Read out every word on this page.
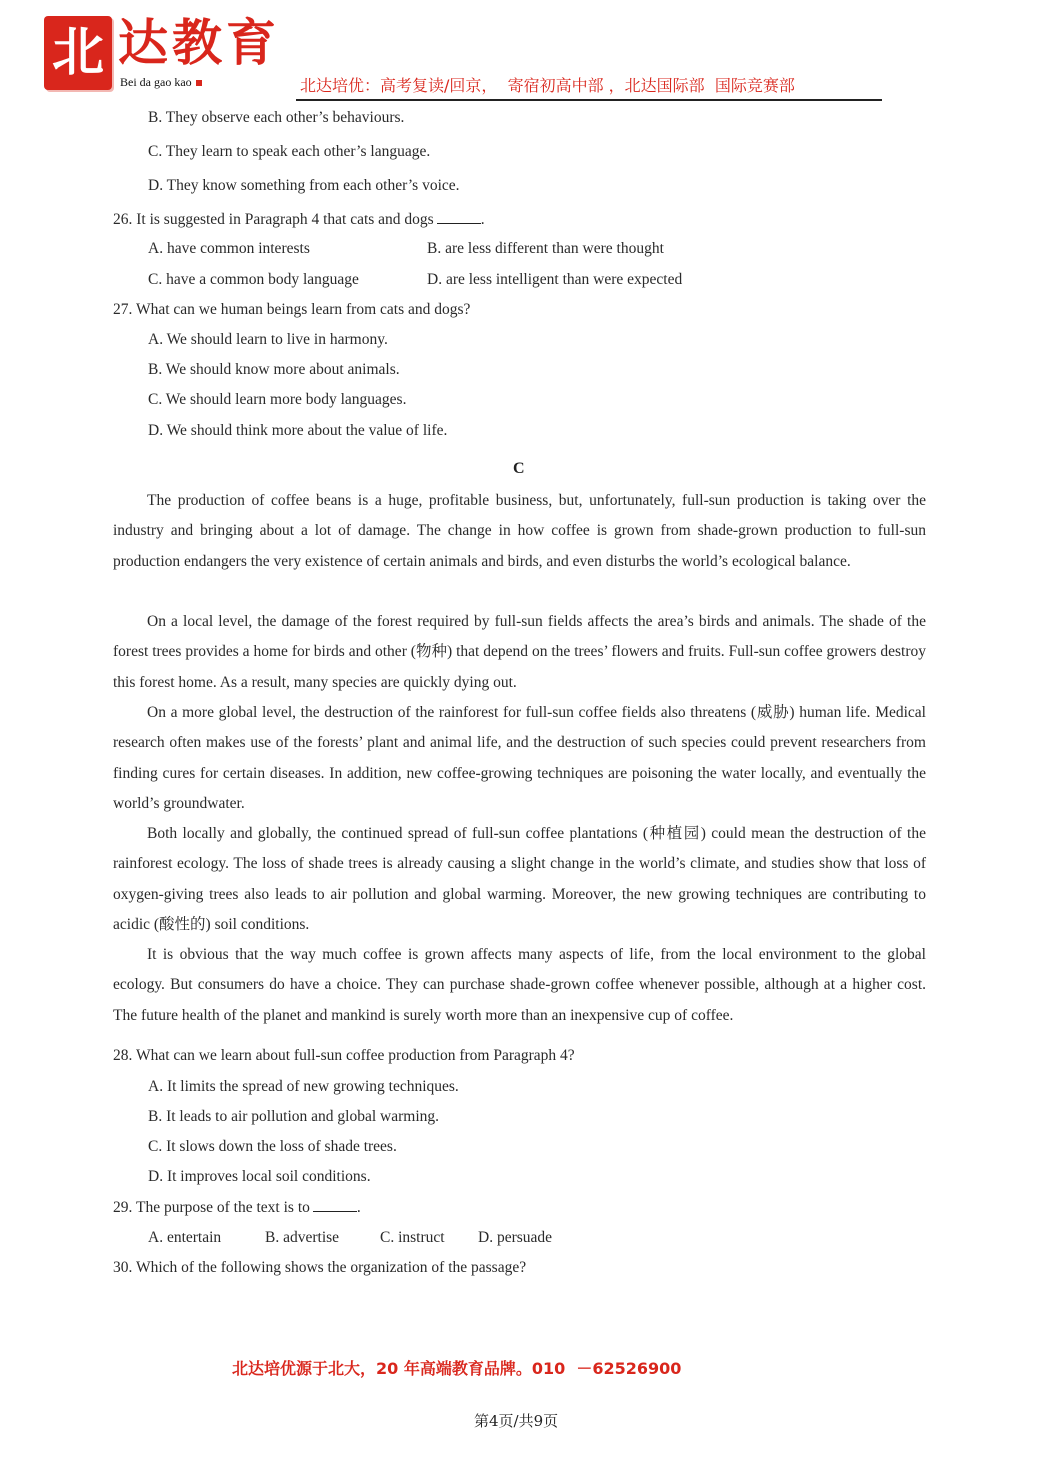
北 达教育
Bei da gao kao	北达培优：高考复读/回京，  寄宿初高中部 ，北达国际部  国际竞赛部
B. They observe each other’s behaviours.
C. They learn to speak each other’s language.
D. They know something from each other’s voice.
26. It is suggested in Paragraph 4 that cats and dogs	.
A. have common interests	B. are less different than were thought
C. have a common body language	D. are less intelligent than were expected
27. What can we human beings learn from cats and dogs?
A. We should learn to live in harmony.
B. We should know more about animals.
C. We should learn more body languages.
D. We should think more about the value of life.
C
The production of coffee beans is a huge, profitable business, but, unfortunately, full-sun production is taking over the industry and bringing about a lot of damage. The change in how coffee is grown from shade-grown production to full-sun production endangers the very existence of certain animals and birds, and even disturbs the world’s ecological balance.
On a local level, the damage of the forest required by full-sun fields affects the area’s birds and animals. The shade of the forest trees provides a home for birds and other (物种) that depend on the trees’ flowers and fruits. Full-sun coffee growers destroy this forest home. As a result, many species are quickly dying out.
On a more global level, the destruction of the rainforest for full-sun coffee fields also threatens (威胁) human life. Medical research often makes use of the forests’ plant and animal life, and the destruction of such species could prevent researchers from finding cures for certain diseases. In addition, new coffee-growing techniques are poisoning the water locally, and eventually the world’s groundwater.
Both locally and globally, the continued spread of full-sun coffee plantations (种植园) could mean the destruction of the rainforest ecology. The loss of shade trees is already causing a slight change in the world’s climate, and studies show that loss of oxygen-giving trees also leads to air pollution and global warming. Moreover, the new growing techniques are contributing to acidic (酸性的) soil conditions.
It is obvious that the way much coffee is grown affects many aspects of life, from the local environment to the global ecology. But consumers do have a choice. They can purchase shade-grown coffee whenever possible, although at a higher cost. The future health of the planet and mankind is surely worth more than an inexpensive cup of coffee.
28. What can we learn about full-sun coffee production from Paragraph 4?
A. It limits the spread of new growing techniques.
B. It leads to air pollution and global warming.
C. It slows down the loss of shade trees.
D. It improves local soil conditions.
29. The purpose of the text is to	.
A. entertain	B. advertise	C. instruct D. persuade
30. Which of the following shows the organization of the passage?
北达培优源于北大，20 年高端教育品牌。010  －62526900
第4页/共9页
